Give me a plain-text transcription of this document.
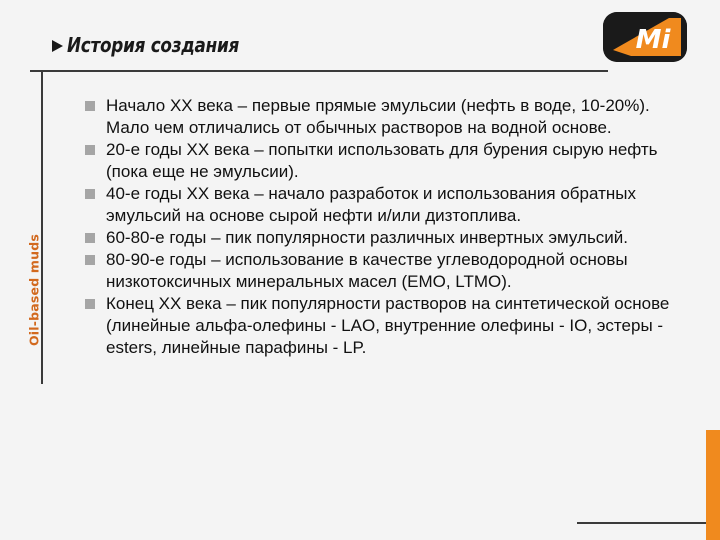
История создания
Oil-based muds
Mi
Начало XX века – первые прямые эмульсии (нефть в воде, 10-20%). Мало чем отличались от обычных растворов на водной основе.
20-е годы XX века – попытки использовать для бурения сырую нефть (пока еще не эмульсии).
40-е годы XX века – начало разработок и использования обратных эмульсий на основе сырой нефти и/или дизтоплива.
60-80-е годы – пик популярности различных инвертных эмульсий.
80-90-е годы – использование в качестве углеводородной основы низкотоксичных минеральных масел (EMO, LTMO).
Конец XX века – пик популярности растворов на синтетической основе (линейные альфа-олефины - LAO, внутренние олефины - IO, эстеры - esters, линейные парафины - LP.
